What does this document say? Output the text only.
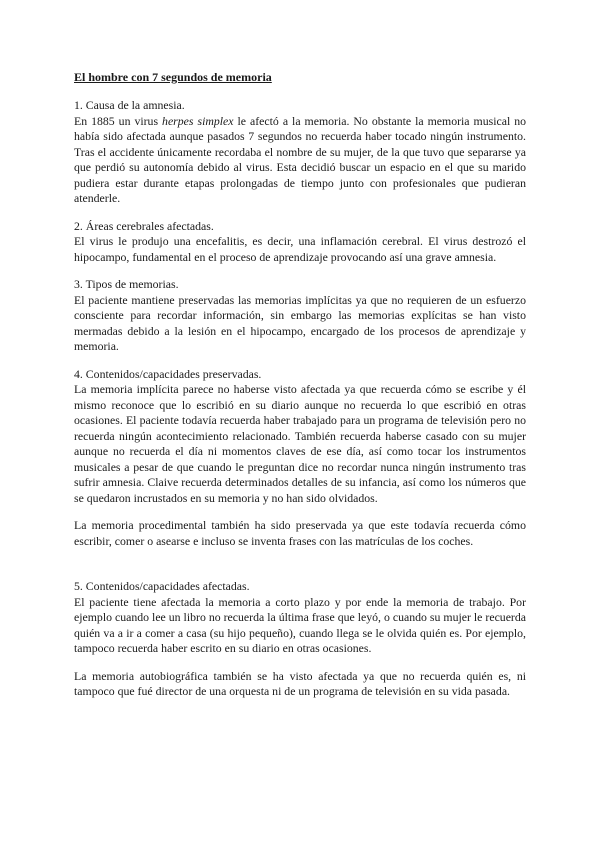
El hombre con 7 segundos de memoria
1. Causa de la amnesia.

En 1885 un virus herpes simplex le afectó a la memoria. No obstante la memoria musical no había sido afectada aunque pasados 7 segundos no recuerda haber tocado ningún instrumento. Tras el accidente únicamente recordaba el nombre de su mujer, de la que tuvo que separarse ya que perdió su autonomía debido al virus. Esta decidió buscar un espacio en el que su marido pudiera estar durante etapas prolongadas de tiempo junto con profesionales que pudieran atenderle.

2. Áreas cerebrales afectadas.

El virus le produjo una encefalitis, es decir, una inflamación cerebral. El virus destrozó el hipocampo, fundamental en el proceso de aprendizaje provocando así una grave amnesia.

3. Tipos de memorias.

El paciente mantiene preservadas las memorias implícitas ya que no requieren de un esfuerzo consciente para recordar información, sin embargo las memorias explícitas se han visto mermadas debido a la lesión en el hipocampo, encargado de los procesos de aprendizaje y memoria.

4. Contenidos/capacidades preservadas.

La memoria implícita parece no haberse visto afectada ya que recuerda cómo se escribe y él mismo reconoce que lo escribió en su diario aunque no recuerda lo que escribió en otras ocasiones. El paciente todavía recuerda haber trabajado para un programa de televisión pero no recuerda ningún acontecimiento relacionado. También recuerda haberse casado con su mujer aunque no recuerda el día ni momentos claves de ese día, así como tocar los instrumentos musicales a pesar de que cuando le preguntan dice no recordar nunca ningún instrumento tras sufrir amnesia. Claive recuerda determinados detalles de su infancia, así como los números que se quedaron incrustados en su memoria y no han sido olvidados.

La memoria procedimental también ha sido preservada ya que este todavía recuerda cómo escribir, comer o asearse e incluso se inventa frases con las matrículas de los coches.

5. Contenidos/capacidades afectadas.

El paciente tiene afectada la memoria a corto plazo y por ende la memoria de trabajo. Por ejemplo cuando lee un libro no recuerda la última frase que leyó, o cuando su mujer le recuerda quién va a ir a comer a casa (su hijo pequeño), cuando llega se le olvida quién es. Por ejemplo, tampoco recuerda haber escrito en su diario en otras ocasiones.

La memoria autobiográfica también se ha visto afectada ya que no recuerda quién es, ni tampoco que fué director de una orquesta ni de un programa de televisión en su vida pasada.
